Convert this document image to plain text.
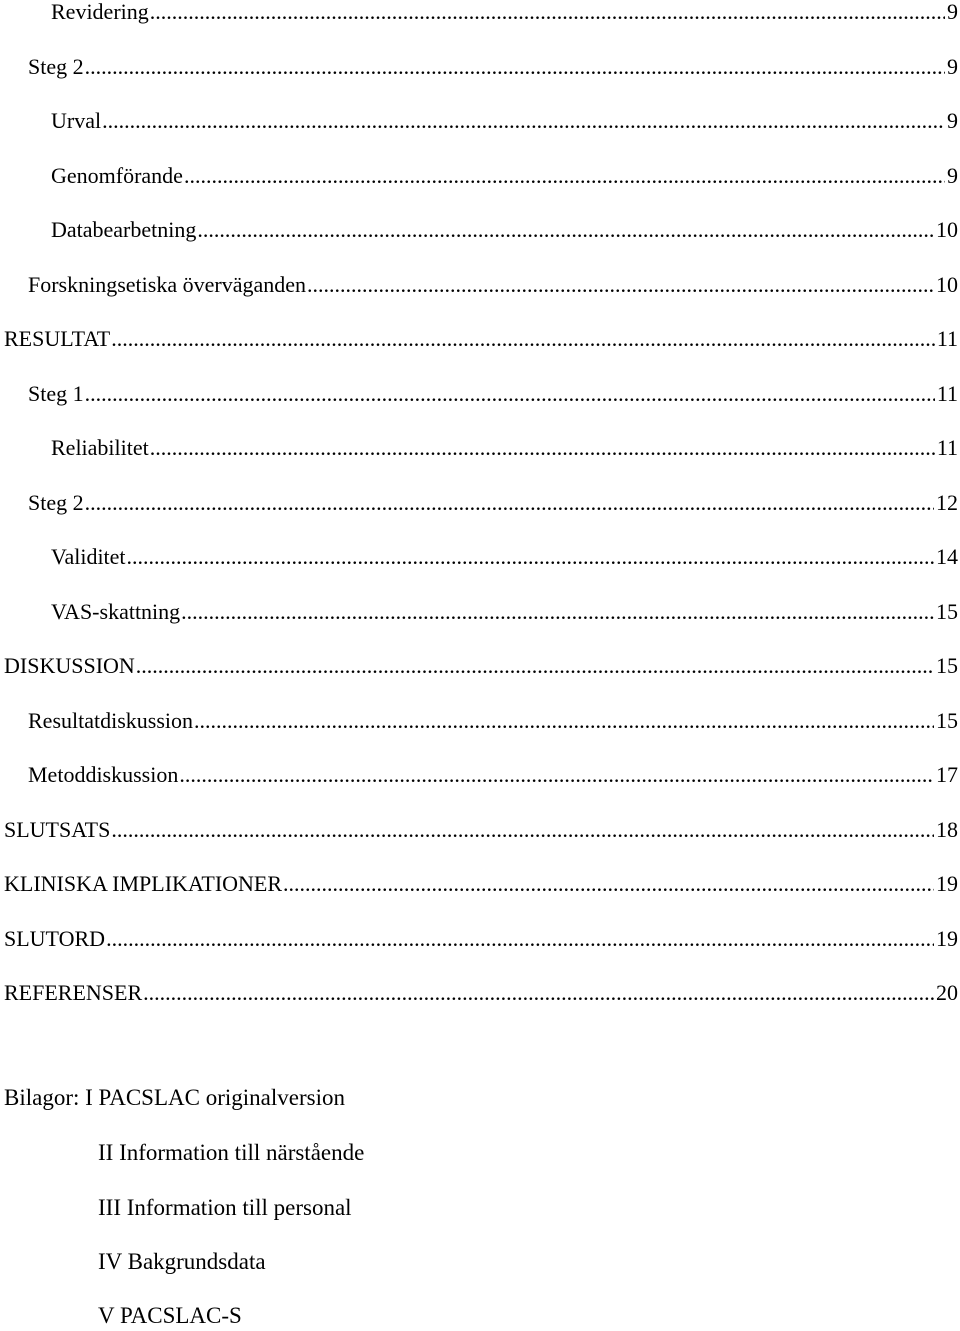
Revidering .....	9
Steg 2 .....	9
Urval .....	9
Genomförande .....	9
Databearbetning .....	10
Forskningsetiska överväganden .....	10
RESULTAT .....	11
Steg 1 .....	11
Reliabilitet .....	11
Steg 2 .....	12
Validitet .....	14
VAS-skattning .....	15
DISKUSSION .....	15
Resultatdiskussion .....	15
Metoddiskussion .....	17
SLUTSATS .....	18
KLINISKA IMPLIKATIONER .....	19
SLUTORD .....	19
REFERENSER .....	20
Bilagor: I PACSLAC originalversion
II Information till närstående
III Information till personal
IV Bakgrundsdata
V PACSLAC-S
